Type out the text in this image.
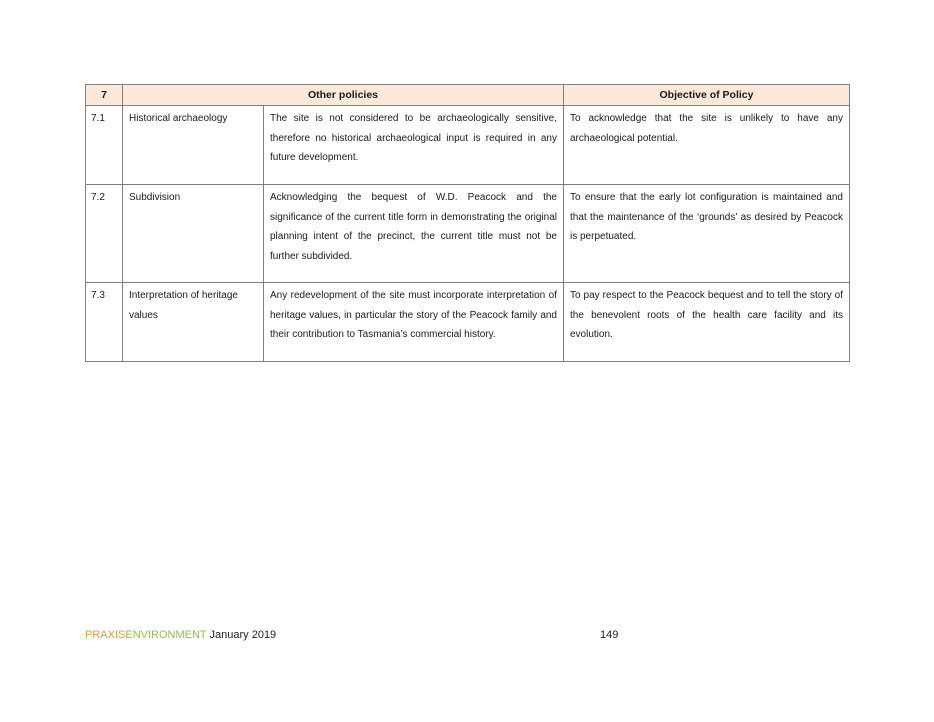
7	Other policies		Objective of Policy

7.1	Historical archaeology	The site is not considered to be archaeologically sensitive, therefore no historical archaeological input is required in any future development.	To acknowledge that the site is unlikely to have any archaeological potential.

7.2	Subdivision	Acknowledging the bequest of W.D. Peacock and the significance of the current title form in demonstrating the original planning intent of the precinct, the current title must not be further subdivided.	To ensure that the early lot configuration is maintained and that the maintenance of the ‘grounds’ as desired by Peacock is perpetuated.

7.3	Interpretation of heritage values	Any redevelopment of the site must incorporate interpretation of heritage values, in particular the story of the Peacock family and their contribution to Tasmania’s commercial history.	To pay respect to the Peacock bequest and to tell the story of the benevolent roots of the health care facility and its evolution.
PRAXISENVIRONMENT January 2019	149
